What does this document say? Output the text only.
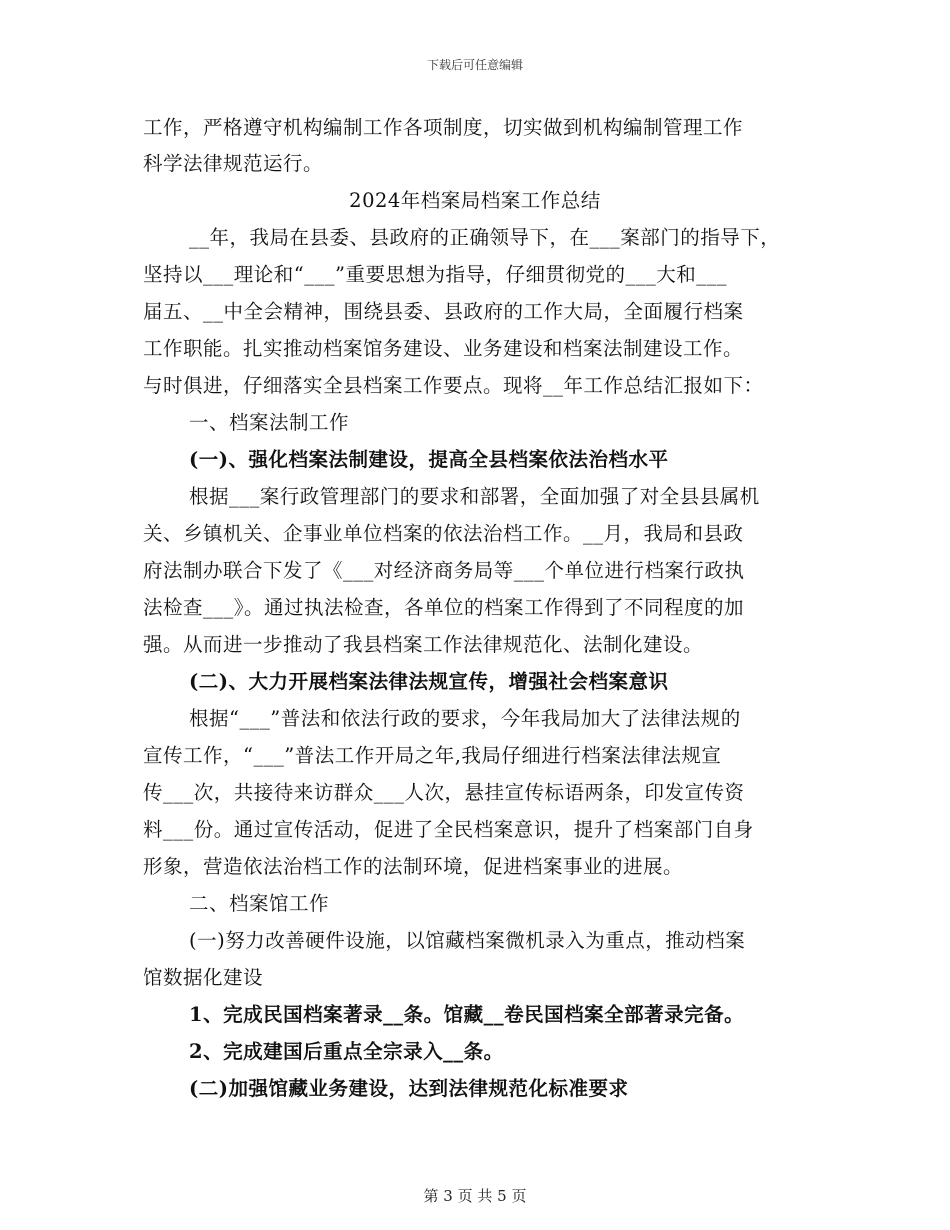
下载后可任意编辑
工作，严格遵守机构编制工作各项制度，切实做到机构编制管理工作
科学法律规范运行。
2024年档案局档案工作总结
__年，我局在县委、县政府的正确领导下，在___案部门的指导下，
坚持以___理论和“___”重要思想为指导，仔细贯彻党的___大和___
届五、__中全会精神，围绕县委、县政府的工作大局，全面履行档案
工作职能。扎实推动档案馆务建设、业务建设和档案法制建设工作。
与时俱进，仔细落实全县档案工作要点。现将__年工作总结汇报如下：
一、档案法制工作
(一)、强化档案法制建设，提高全县档案依法治档水平
根据___案行政管理部门的要求和部署，全面加强了对全县县属机
关、乡镇机关、企事业单位档案的依法治档工作。__月，我局和县政
府法制办联合下发了《___对经济商务局等___个单位进行档案行政执
法检查___》。通过执法检查，各单位的档案工作得到了不同程度的加
强。从而进一步推动了我县档案工作法律规范化、法制化建设。
(二)、大力开展档案法律法规宣传，增强社会档案意识
根据“___”普法和依法行政的要求，今年我局加大了法律法规的
宣传工作，“___”普法工作开局之年,我局仔细进行档案法律法规宣
传___次，共接待来访群众___人次，悬挂宣传标语两条，印发宣传资
料___份。通过宣传活动，促进了全民档案意识，提升了档案部门自身
形象，营造依法治档工作的法制环境，促进档案事业的进展。
二、档案馆工作
(一)努力改善硬件设施，以馆藏档案微机录入为重点，推动档案
馆数据化建设
1、完成民国档案著录__条。馆藏__卷民国档案全部著录完备。
2、完成建国后重点全宗录入__条。
(二)加强馆藏业务建设，达到法律规范化标准要求
第 3 页 共 5 页
